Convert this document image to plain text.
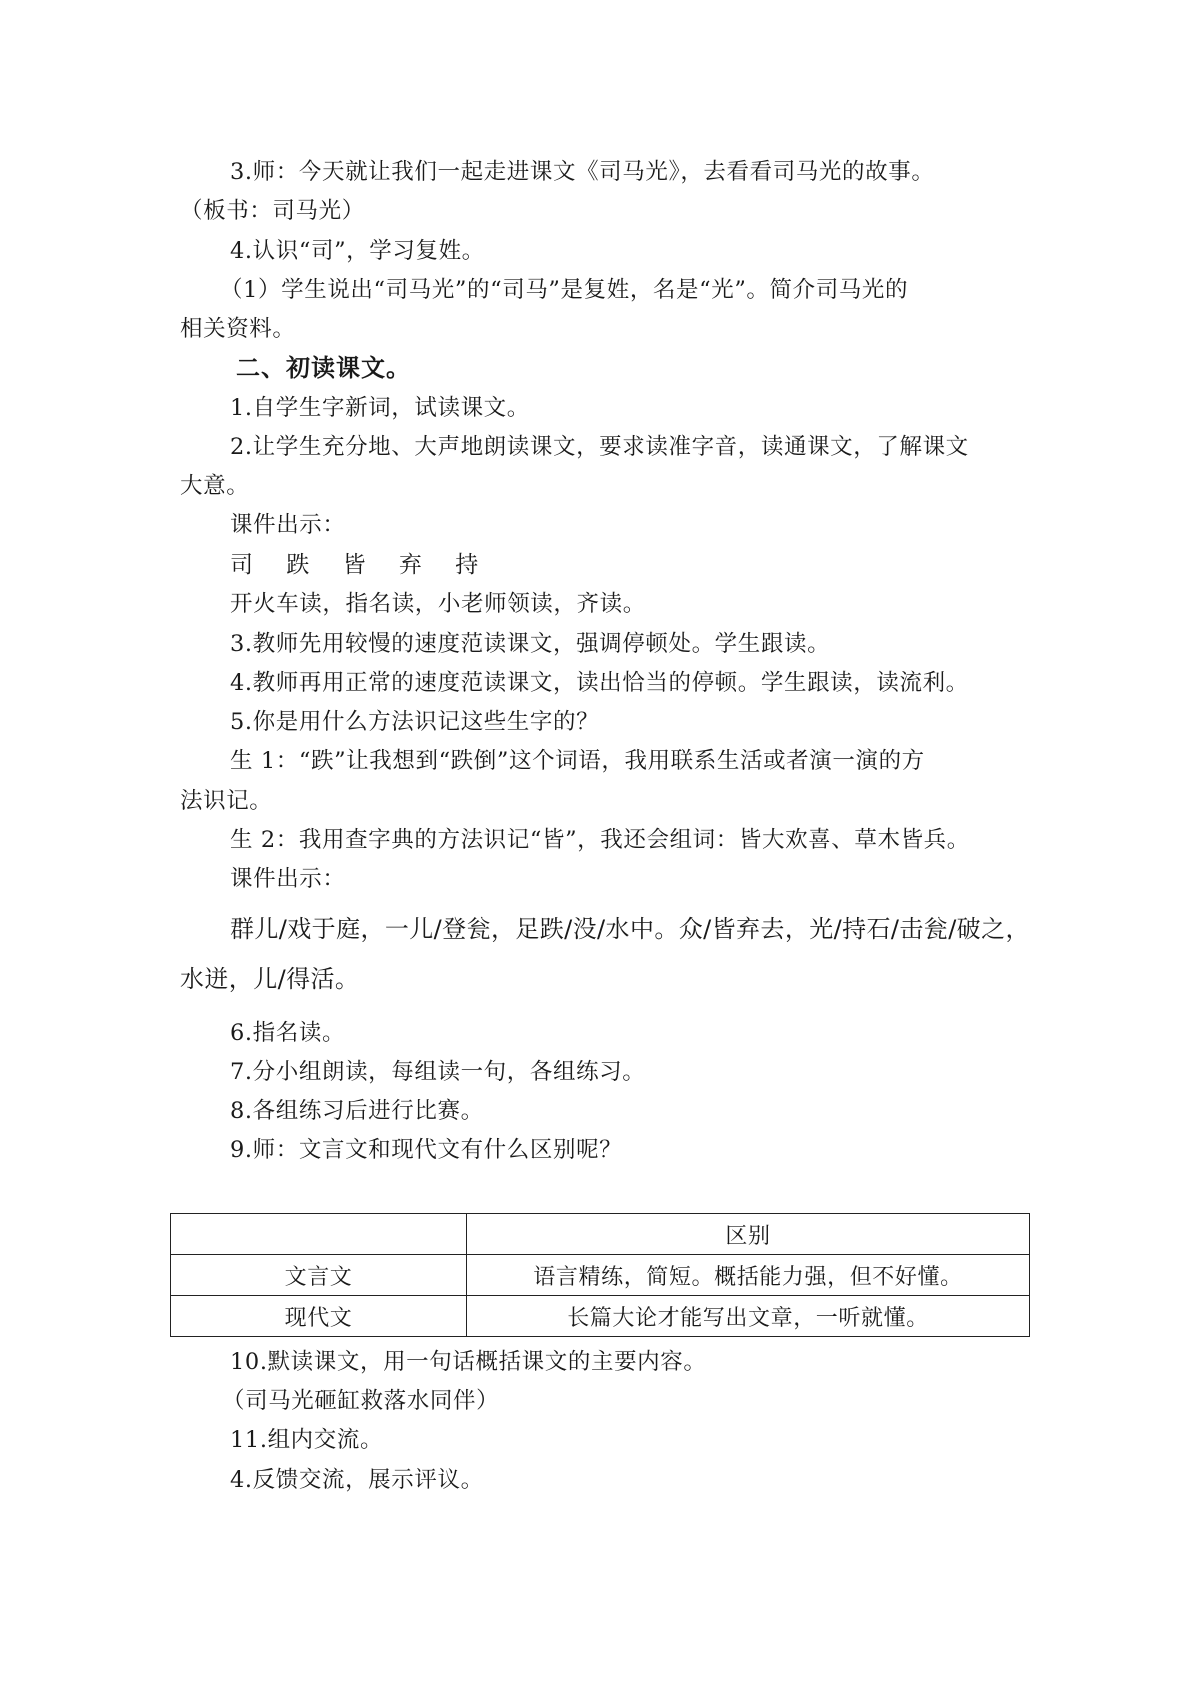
3.师：今天就让我们一起走进课文《司马光》，去看看司马光的故事。
（板书：司马光）
4.认识“司”，学习复姓。
（1）学生说出“司马光”的“司马”是复姓，名是“光”。简介司马光的
相关资料。
二、初读课文。
1.自学生字新词，试读课文。
2.让学生充分地、大声地朗读课文，要求读准字音，读通课文，了解课文
大意。
课件出示：
司 跌 皆 弃 持
开火车读，指名读，小老师领读，齐读。
3.教师先用较慢的速度范读课文，强调停顿处。学生跟读。
4.教师再用正常的速度范读课文，读出恰当的停顿。学生跟读，读流利。
5.你是用什么方法识记这些生字的？
生 1：“跌”让我想到“跌倒”这个词语，我用联系生活或者演一演的方
法识记。
生 2：我用查字典的方法识记“皆”，我还会组词：皆大欢喜、草木皆兵。
课件出示：
群儿/戏于庭，一儿/登瓮，足跌/没/水中。众/皆弃去，光/持石/击瓮/破之，
水迸，儿/得活。
6.指名读。
7.分小组朗读，每组读一句，各组练习。
8.各组练习后进行比赛。
9.师：文言文和现代文有什么区别呢？
	区别
文言文	语言精练，简短。概括能力强，但不好懂。
现代文	长篇大论才能写出文章，一听就懂。
10.默读课文，用一句话概括课文的主要内容。
（司马光砸缸救落水同伴）
11.组内交流。
4.反馈交流，展示评议。
